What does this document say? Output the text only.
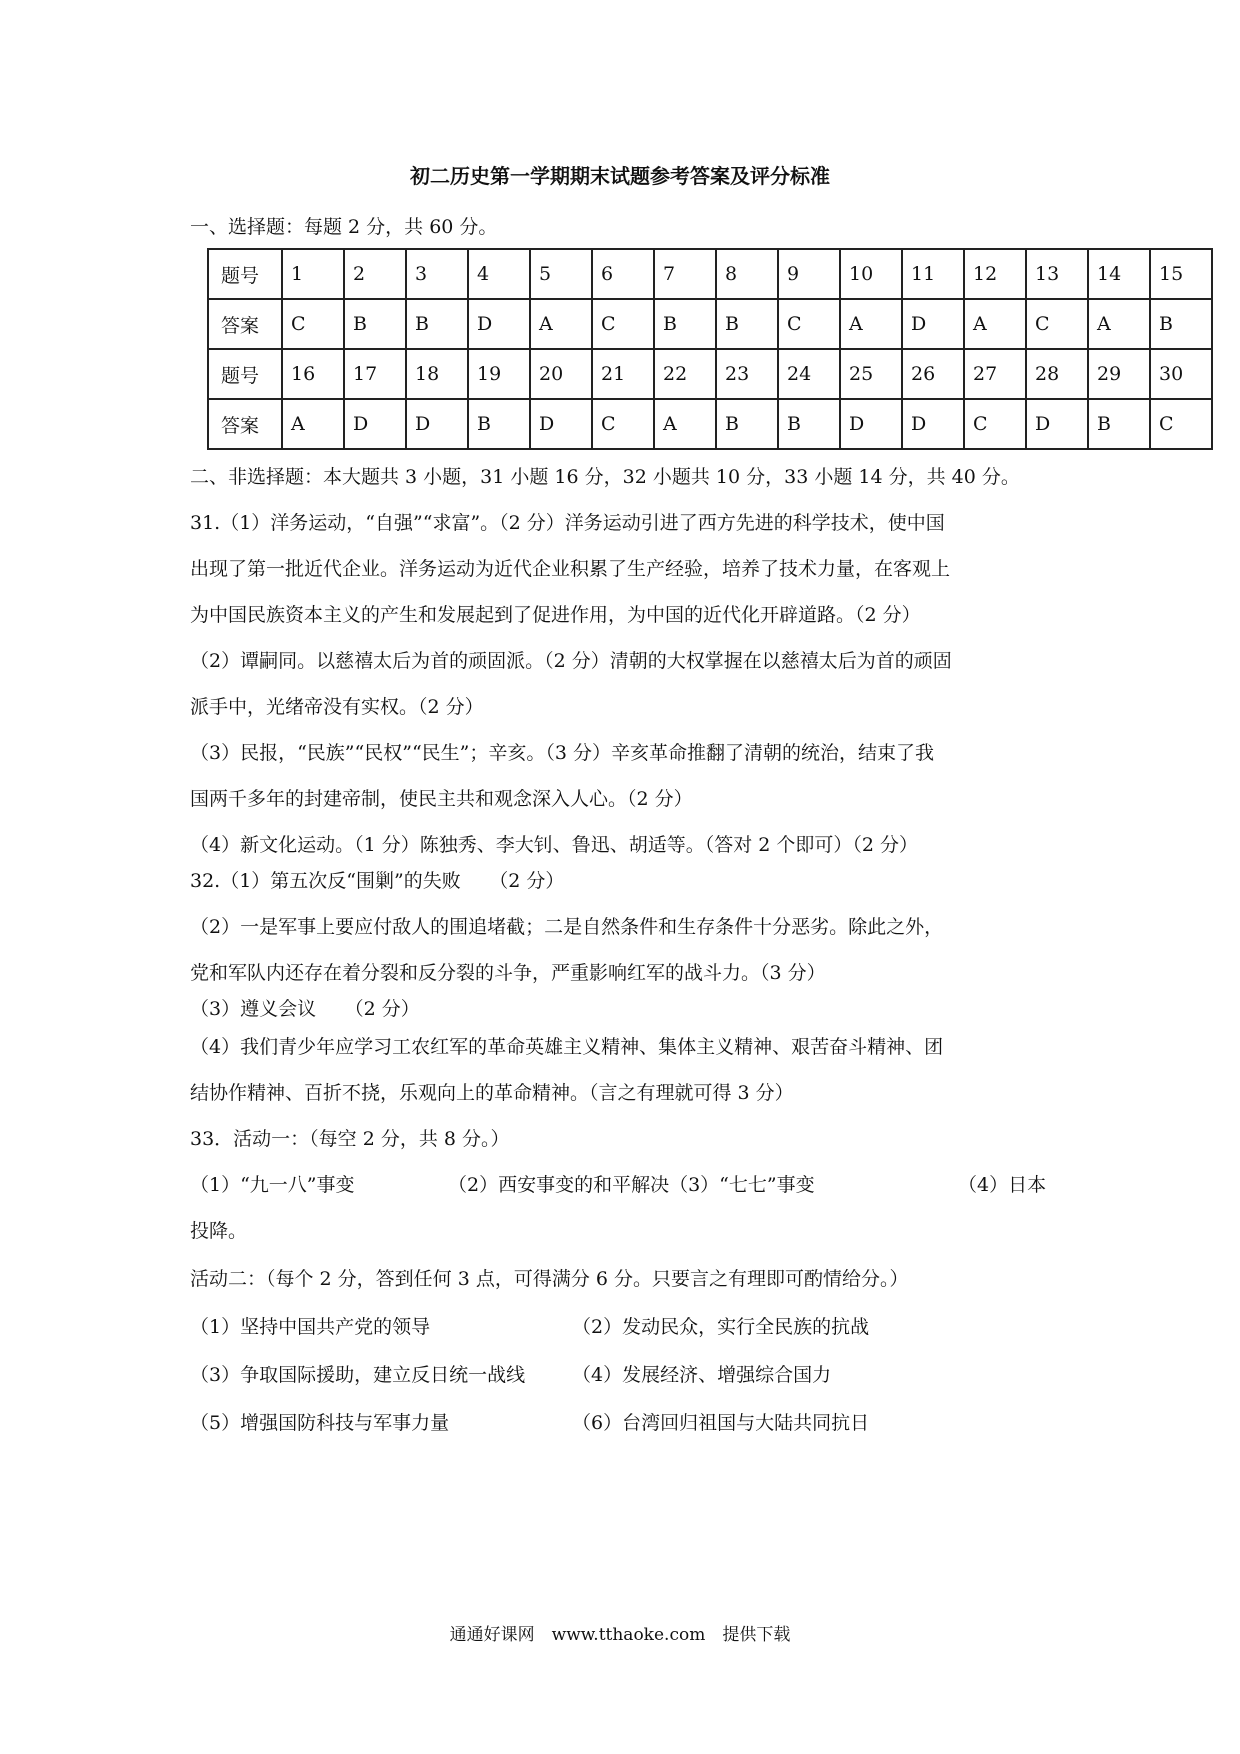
初二历史第一学期期末试题参考答案及评分标准
一、选择题：每题 2 分，共 60 分。
题号	1	2	3	4	5	6	7	8	9	10	11	12	13	14	15
答案	C	B	B	D	A	C	B	B	C	A	D	A	C	A	B
题号	16	17	18	19	20	21	22	23	24	25	26	27	28	29	30
答案	A	D	D	B	D	C	A	B	B	D	D	C	D	B	C
二、非选择题：本大题共 3 小题，31 小题 16 分，32 小题共 10 分，33 小题 14 分，共 40 分。
31.（1）洋务运动，“自强”“求富”。（2 分）洋务运动引进了西方先进的科学技术，使中国
出现了第一批近代企业。洋务运动为近代企业积累了生产经验，培养了技术力量，在客观上
为中国民族资本主义的产生和发展起到了促进作用，为中国的近代化开辟道路。（2 分）
（2）谭嗣同。以慈禧太后为首的顽固派。（2 分）清朝的大权掌握在以慈禧太后为首的顽固
派手中，光绪帝没有实权。（2 分）
（3）民报，“民族”“民权”“民生”；辛亥。（3 分）辛亥革命推翻了清朝的统治，结束了我
国两千多年的封建帝制，使民主共和观念深入人心。（2 分）
（4）新文化运动。（1 分）陈独秀、李大钊、鲁迅、胡适等。（答对 2 个即可）（2 分）
32.（1）第五次反“围剿”的失败　　（2 分）
（2）一是军事上要应付敌人的围追堵截；二是自然条件和生存条件十分恶劣。除此之外，
党和军队内还存在着分裂和反分裂的斗争，严重影响红军的战斗力。（3 分）
（3）遵义会议　　（2 分）
（4）我们青少年应学习工农红军的革命英雄主义精神、集体主义精神、艰苦奋斗精神、团
结协作精神、百折不挠，乐观向上的革命精神。（言之有理就可得 3 分）
33．活动一：（每空 2 分，共 8 分。）
（1）“九一八”事变	（2）西安事变的和平解决（3）“七七”事变	（4）日本
投降。
活动二：（每个 2 分，答到任何 3 点，可得满分 6 分。只要言之有理即可酌情给分。）
（1）坚持中国共产党的领导	（2）发动民众，实行全民族的抗战
（3）争取国际援助，建立反日统一战线 （4）发展经济、增强综合国力
（5）增强国防科技与军事力量	（6）台湾回归祖国与大陆共同抗日
通通好课网　www.tthaoke.com　提供下载
